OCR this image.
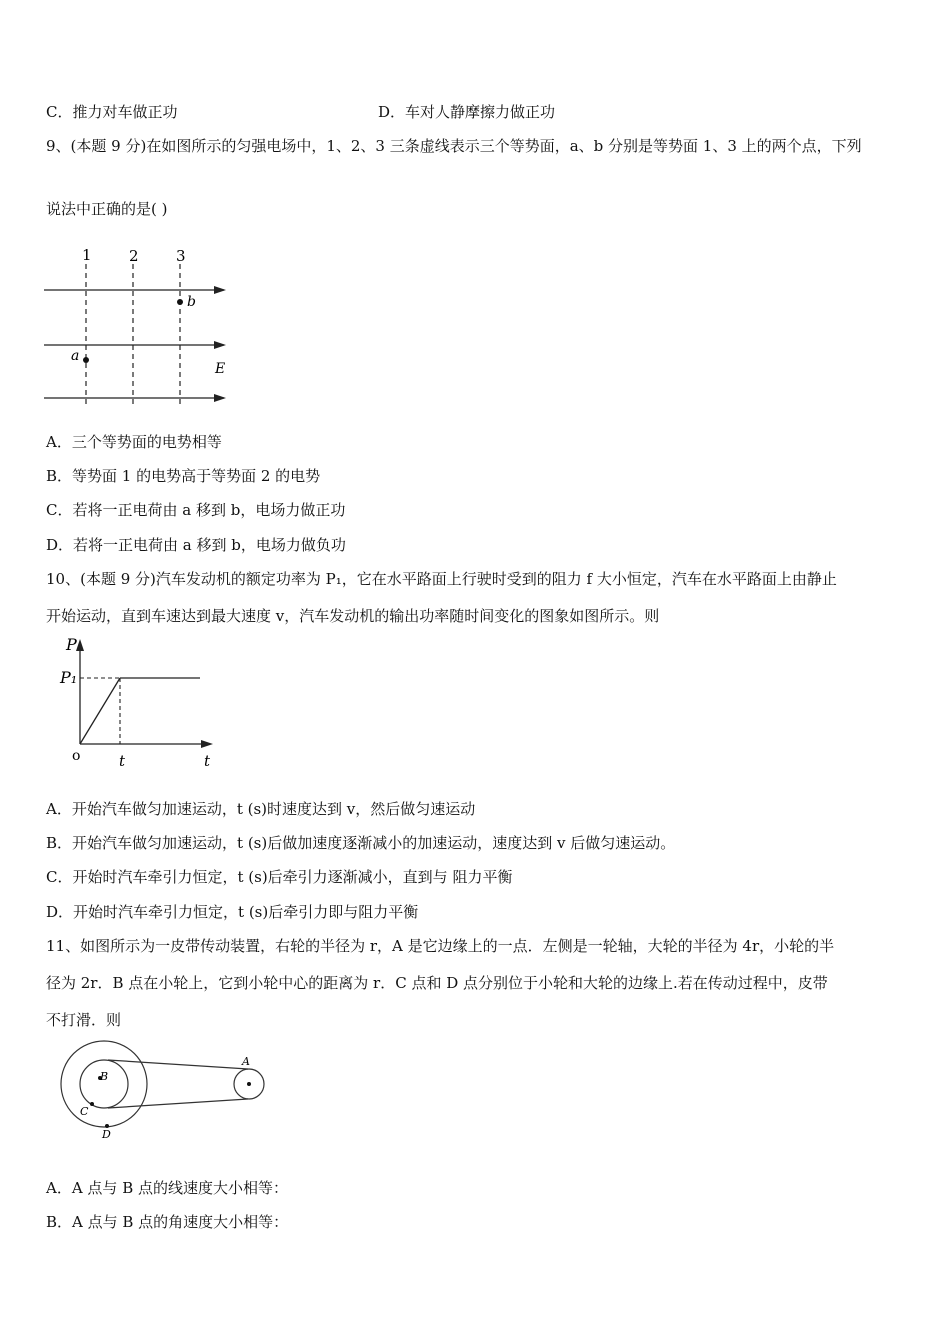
C．推力对车做正功	D．车对人静摩擦力做正功
9、(本题 9 分)在如图所示的匀强电场中，1、2、3 三条虚线表示三个等势面，a、b 分别是等势面 1、3 上的两个点，下列
说法中正确的是( )
1 2 3
a
b
E
A．三个等势面的电势相等
B．等势面 1 的电势高于等势面 2 的电势
C．若将一正电荷由 a 移到 b，电场力做正功
D．若将一正电荷由 a 移到 b，电场力做负功
10、(本题 9 分)汽车发动机的额定功率为 P₁，它在水平路面上行驶时受到的阻力 f 大小恒定，汽车在水平路面上由静止
开始运动，直到车速达到最大速度 v，汽车发动机的输出功率随时间变化的图象如图所示。则
P
P₁
o	t	t
A．开始汽车做匀加速运动，t (s)时速度达到 v，然后做匀速运动
B．开始汽车做匀加速运动，t (s)后做加速度逐渐减小的加速运动，速度达到 v 后做匀速运动。
C．开始时汽车牵引力恒定，t (s)后牵引力逐渐减小，直到与 阻力平衡
D．开始时汽车牵引力恒定，t (s)后牵引力即与阻力平衡
11、如图所示为一皮带传动装置，右轮的半径为 r，A 是它边缘上的一点．左侧是一轮轴，大轮的半径为 4r，小轮的半
径为 2r．B 点在小轮上，它到小轮中心的距离为 r．C 点和 D 点分别位于小轮和大轮的边缘上.若在传动过程中，皮带
不打滑．则
A
B
C
D
A．A 点与 B 点的线速度大小相等：
B．A 点与 B 点的角速度大小相等：
